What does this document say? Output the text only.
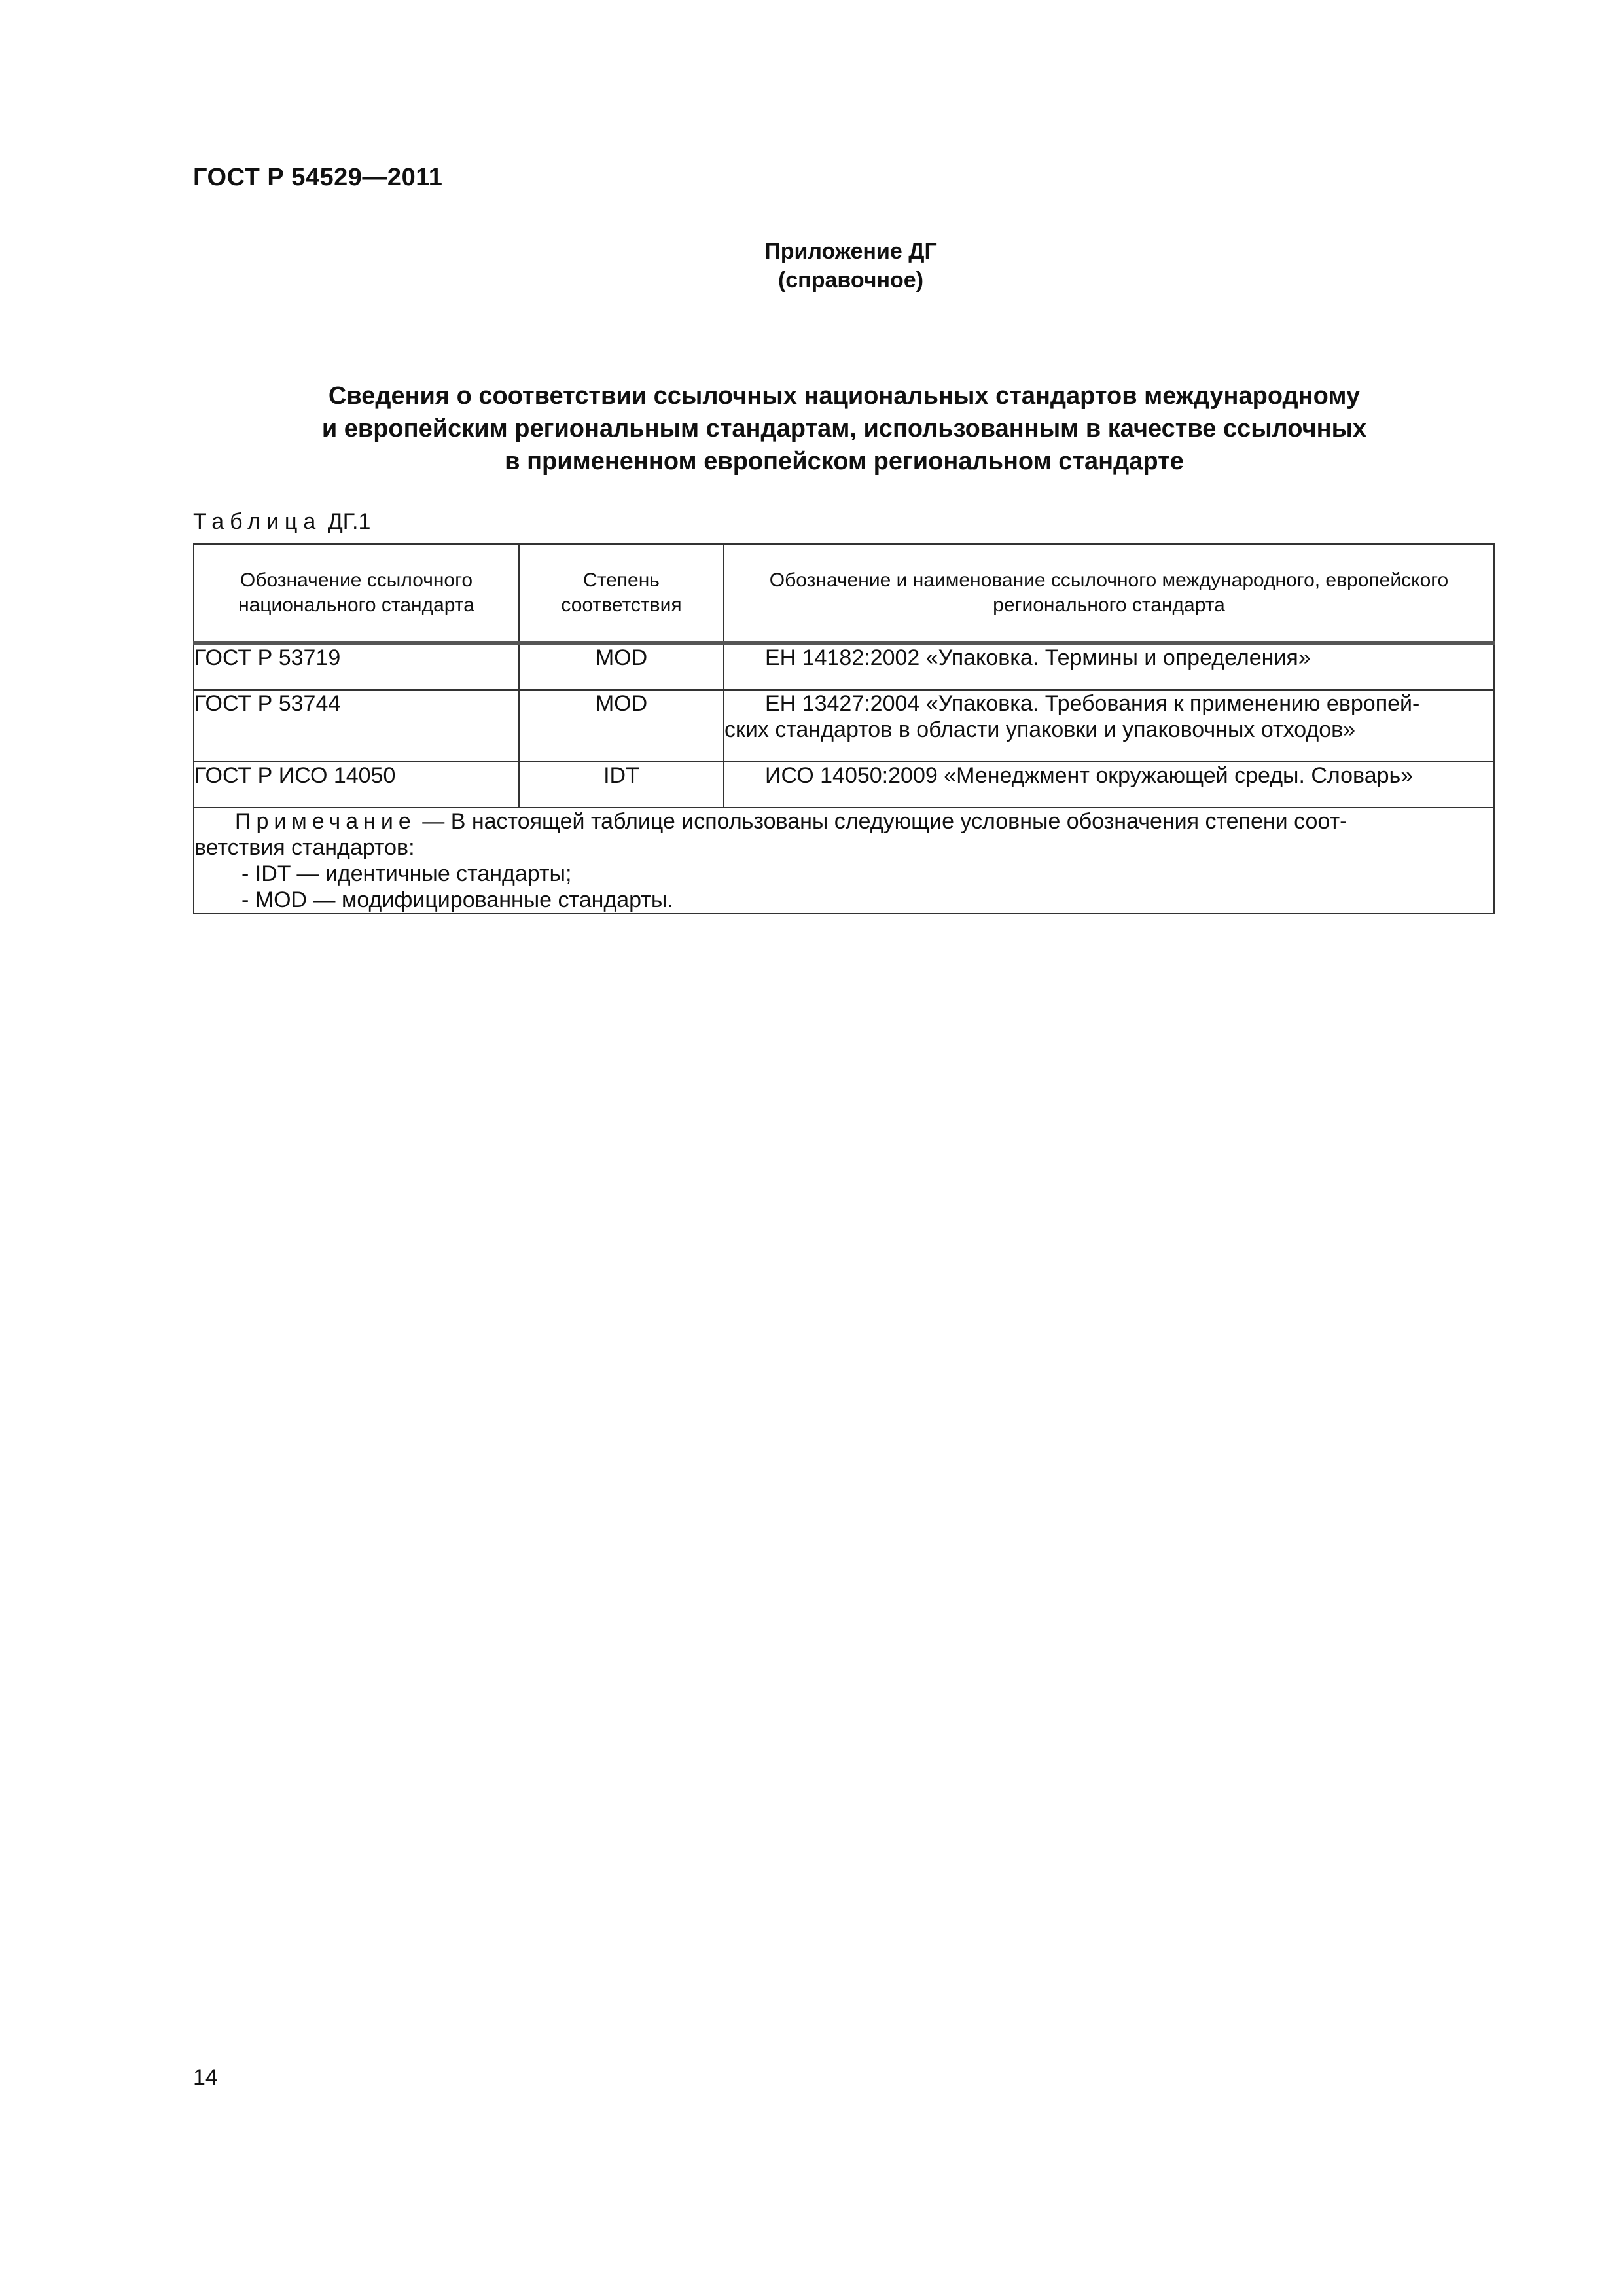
ГОСТ Р 54529—2011
Приложение ДГ
(справочное)
Сведения о соответствии ссылочных национальных стандартов международному
и европейским региональным стандартам, использованным в качестве ссылочных
в примененном европейском региональном стандарте
Таблица ДГ.1
Обозначение ссылочного национального стандарта	Степень соответствия	Обозначение и наименование ссылочного международного, европейского регионального стандарта
ГОСТ Р 53719	MOD	ЕН 14182:2002 «Упаковка. Термины и определения»
ГОСТ Р 53744	MOD	ЕН 13427:2004 «Упаковка. Требования к применению европей-

ских стандартов в области упаковки и упаковочных отходов»

ГОСТ Р ИСО 14050	IDT	ИСО 14050:2009 «Менеджмент окружающей среды. Словарь»

Примечание — В настоящей таблице использованы следующие условные обозначения степени соот-
ветствия стандартов:
- IDT — идентичные стандарты;
- MOD — модифицированные стандарты.		
14
